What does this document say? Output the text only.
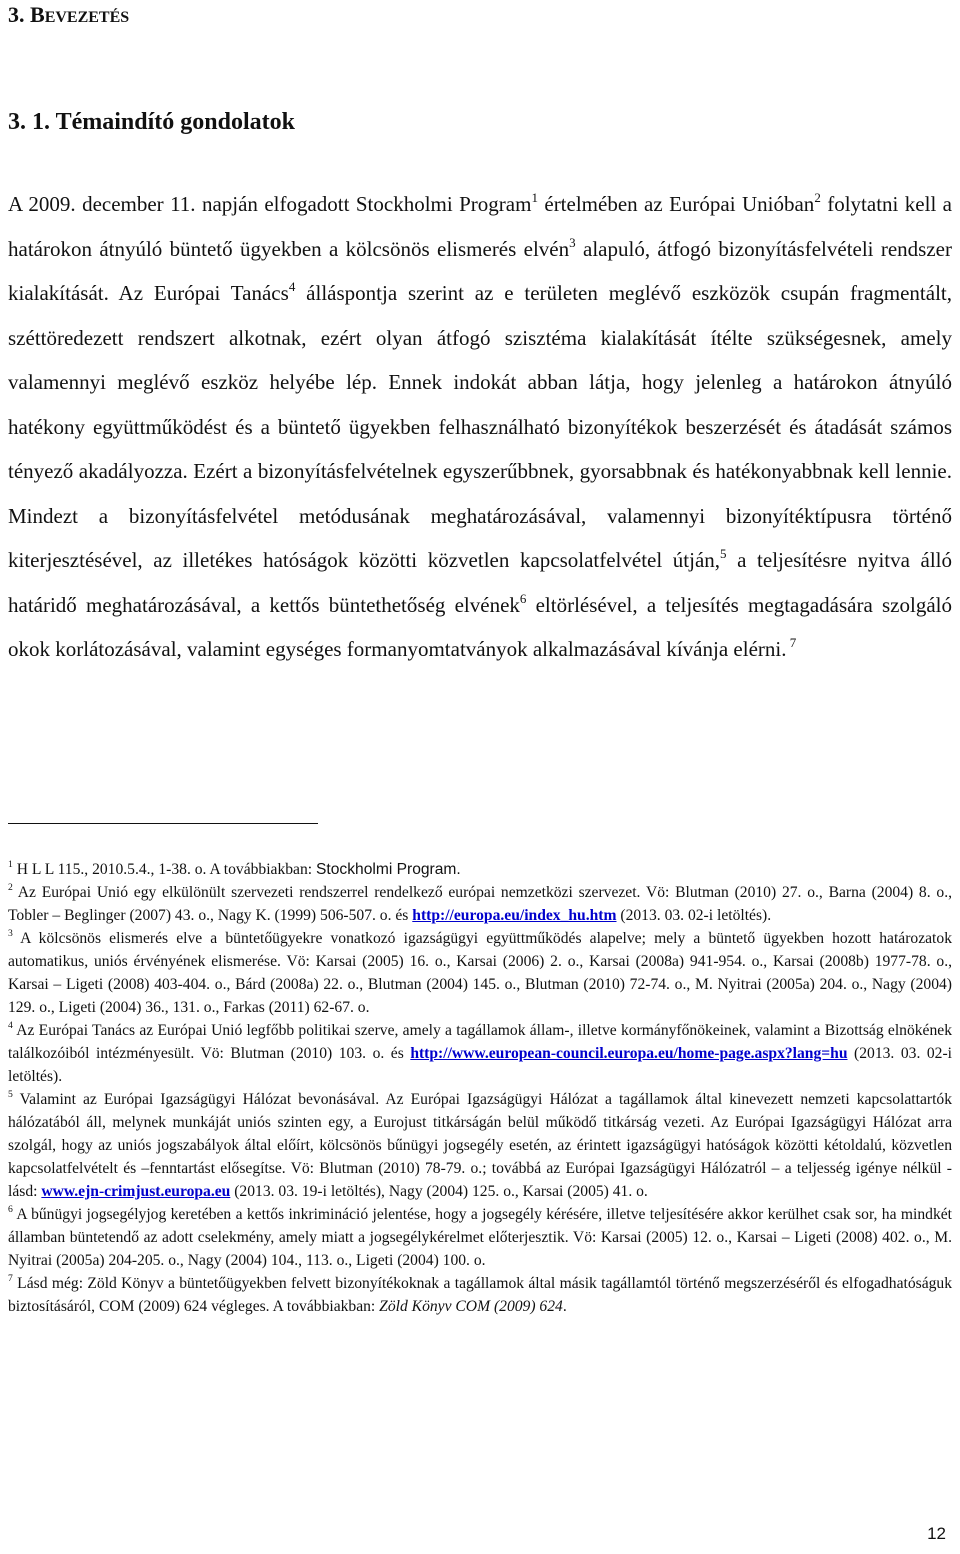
3. BEVEZETÉS
3. 1. Témaindító gondolatok
A 2009. december 11. napján elfogadott Stockholmi Program$^1$ értelmében az Európai Unióban$^2$ folytatni kell a határokon átnyúló büntető ügyekben a kölcsönös elismerés elvén$^3$ alapuló, átfogó bizonyításfelvételi rendszer kialakítását. Az Európai Tanács$^4$ álláspontja szerint az e területen meglévő eszközök csupán fragmentált, széttöredezett rendszert alkotnak, ezért olyan átfogó szisztéma kialakítását ítélte szükségesnek, amely valamennyi meglévő eszköz helyébe lép. Ennek indokát abban látja, hogy jelenleg a határokon átnyúló hatékony együttműködést és a büntető ügyekben felhasználható bizonyítékok beszerzését és átadását számos tényező akadályozza. Ezért a bizonyításfelvételnek egyszerűbbnek, gyorsabbnak és hatékonyabbnak kell lennie. Mindezt a bizonyításfelvétel metódusának meghatározásával, valamennyi bizonyítéktípusra történő kiterjesztésével, az illetékes hatóságok közötti közvetlen kapcsolatfelvétel útján,$^5$ a teljesítésre nyitva álló határidő meghatározásával, a kettős büntethetőség elvének$^6$ eltörlésével, a teljesítés megtagadására szolgáló okok korlátozásával, valamint egységes formanyomtatványok alkalmazásával kívánja elérni. $^7$

$^1$ H L L 115., 2010.5.4., 1-38. o. A továbbiakban: Stockholmi Program.

$^2$ Az Európai Unió egy elkülönült szervezeti rendszerrel rendelkező európai nemzetközi szervezet. Vö: Blutman (2010) 27. o., Barna (2004) 8. o., Tobler – Beglinger (2007) 43. o., Nagy K. (1999) 506-507. o. és http://europa.eu/index_hu.htm (2013. 03. 02-i letöltés).

$^3$ A kölcsönös elismerés elve a büntetőügyekre vonatkozó igazságügyi együttműködés alapelve; mely a büntető ügyekben hozott határozatok automatikus, uniós érvényének elismerése. Vö: Karsai (2005) 16. o., Karsai (2006) 2. o., Karsai (2008a) 941-954. o., Karsai (2008b) 1977-78. o., Karsai – Ligeti (2008) 403-404. o., Bárd (2008a) 22. o., Blutman (2004) 145. o., Blutman (2010) 72-74. o., M. Nyitrai (2005a) 204. o., Nagy (2004) 129. o., Ligeti (2004) 36., 131. o., Farkas (2011) 62-67. o.

$^4$ Az Európai Tanács az Európai Unió legfőbb politikai szerve, amely a tagállamok állam-, illetve kormányfőnökeinek, valamint a Bizottság elnökének találkozóiból intézményesült. Vö: Blutman (2010) 103. o. és http://www.european-council.europa.eu/home-page.aspx?lang=hu (2013. 03. 02-i letöltés).

$^5$ Valamint az Európai Igazságügyi Hálózat bevonásával. Az Európai Igazságügyi Hálózat a tagállamok által kinevezett nemzeti kapcsolattartók hálózatából áll, melynek munkáját uniós szinten egy, a Eurojust titkárságán belül működő titkárság vezeti. Az Európai Igazságügyi Hálózat arra szolgál, hogy az uniós jogszabályok által előírt, kölcsönös bűnügyi jogsegély esetén, az érintett igazságügyi hatóságok közötti kétoldalú, közvetlen kapcsolatfelvételt és –fenntartást elősegítse. Vö: Blutman (2010) 78-79. o.; továbbá az Európai Igazságügyi Hálózatról – a teljesség igénye nélkül - lásd: www.ejn-crimjust.europa.eu (2013. 03. 19-i letöltés), Nagy (2004) 125. o., Karsai (2005) 41. o.

$^6$ A bűnügyi jogsegélyjog keretében a kettős inkrimináció jelentése, hogy a jogsegély kérésére, illetve teljesítésére akkor kerülhet csak sor, ha mindkét államban büntetendő az adott cselekmény, amely miatt a jogsegélykérelmet előterjesztik. Vö: Karsai (2005) 12. o., Karsai – Ligeti (2008) 402. o., M. Nyitrai (2005a) 204-205. o., Nagy (2004) 104., 113. o., Ligeti (2004) 100. o.

$^7$ Lásd még: Zöld Könyv a büntetőügyekben felvett bizonyítékoknak a tagállamok által másik tagállamtól történő megszerzéséről és elfogadhatóságuk biztosításáról, COM (2009) 624 végleges. A továbbiakban: Zöld Könyv COM (2009) 624.

12
